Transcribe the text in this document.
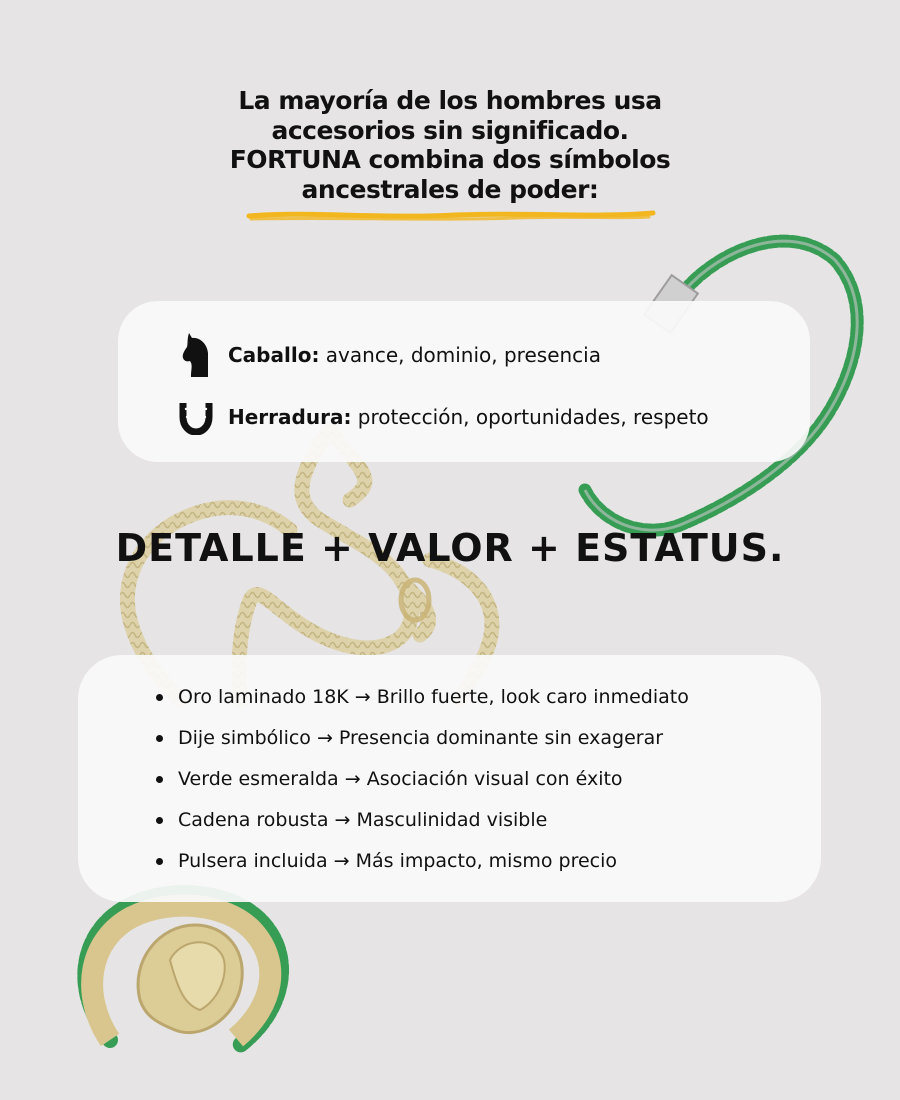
La mayoría de los hombres usa
accesorios sin significado.
FORTUNA combina dos símbolos
ancestrales de poder:
Caballo: avance, dominio, presencia
Herradura: protección, oportunidades, respeto
DETALLE + VALOR + ESTATUS.
Oro laminado 18K → Brillo fuerte, look caro inmediato
Dije simbólico → Presencia dominante sin exagerar
Verde esmeralda → Asociación visual con éxito
Cadena robusta → Masculinidad visible
Pulsera incluida → Más impacto, mismo precio
